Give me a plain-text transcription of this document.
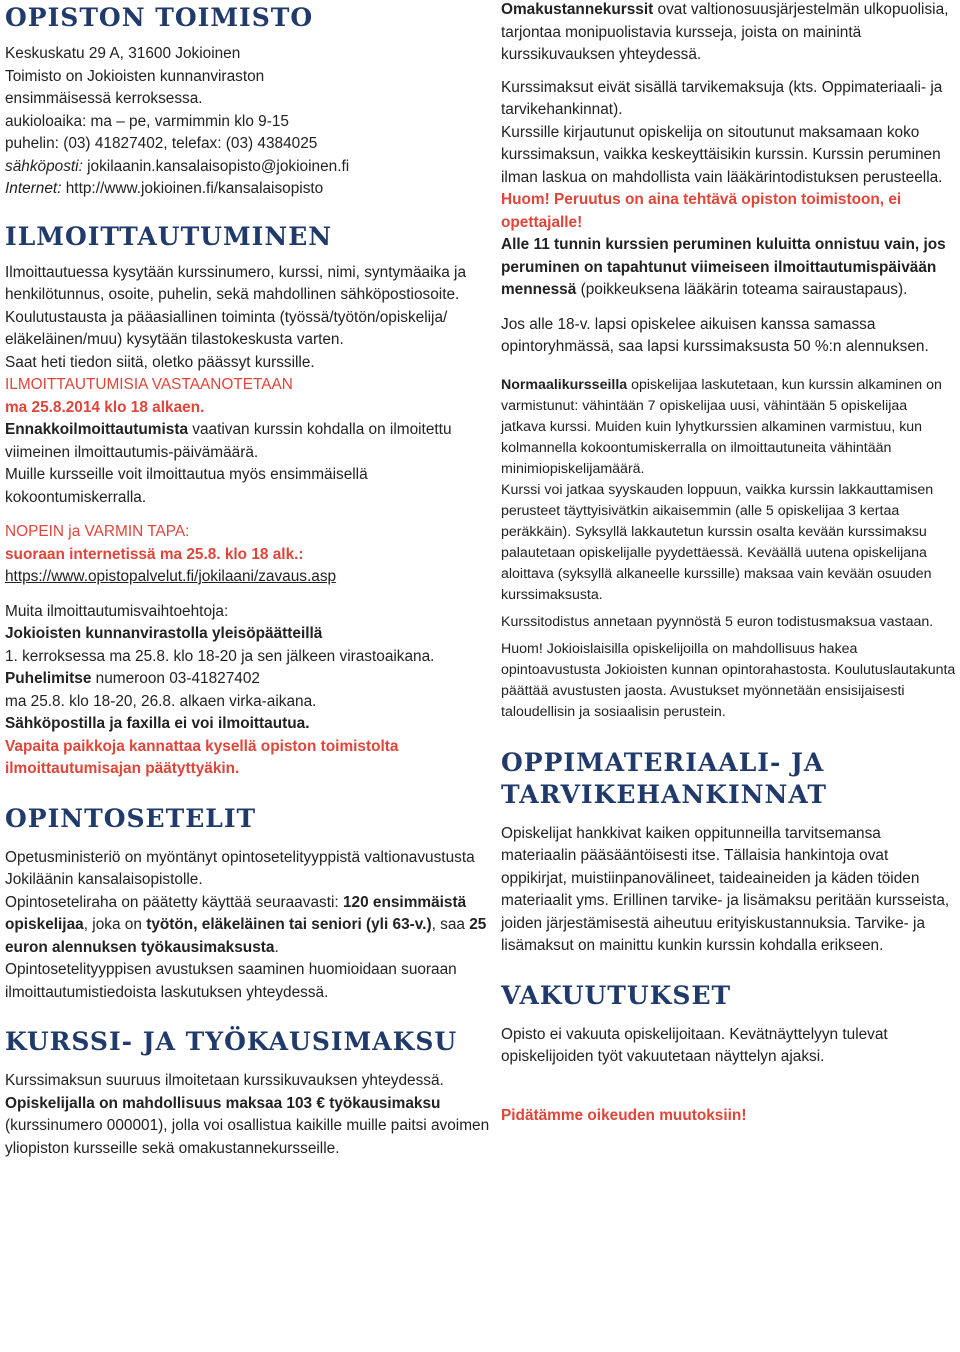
OPISTON TOIMISTO
Keskuskatu 29 A, 31600 Jokioinen
Toimisto on Jokioisten kunnanviraston
ensimmäisessä kerroksessa.
aukioloaika: ma – pe, varmimmin klo 9-15
puhelin: (03) 41827402, telefax: (03) 4384025
sähköposti: jokilaanin.kansalaisopisto@jokioinen.fi
Internet: http://www.jokioinen.fi/kansalaisopisto
ILMOITTAUTUMINEN

Ilmoittautuessa kysytään kurssinumero, kurssi, nimi, syntymäaika ja henkilötunnus, osoite, puhelin, sekä mahdollinen sähköpostiosoite. Koulutustausta ja pääasiallinen toiminta (työssä/työtön/opiskelija/ eläkeläinen/muu) kysytään tilastokeskusta varten.

Saat heti tiedon siitä, oletko päässyt kurssille.

ILMOITTAUTUMISIA VASTAANOTETAAN
ma 25.8.2014 klo 18 alkaen.

Ennakkoilmoittautumista vaativan kurssin kohdalla on ilmoitettu viimeinen ilmoittautumis-päivämäärä.

Muille kursseille voit ilmoittautua myös ensimmäisellä kokoontumiskerralla.

NOPEIN ja VARMIN TAPA:
suoraan internetissä ma 25.8. klo 18 alk.:

https://www.opistopalvelut.fi/jokilaani/zavaus.asp

Muita ilmoittautumisvaihtoehtoja:

Jokioisten kunnanvirastolla yleisöpäätteillä

1. kerroksessa ma 25.8. klo 18-20 ja sen jälkeen virastoaikana.

Puhelimitse numeroon 03-41827402

ma 25.8. klo 18-20, 26.8. alkaen virka-aikana.

Sähköpostilla ja faxilla ei voi ilmoittautua.

Vapaita paikkoja kannattaa kysellä opiston toimistolta ilmoittautumisajan päätyttyäkin.

OPINTOSETELIT

Opetusministeriö on myöntänyt opintosetelityyppistä valtionavustusta Jokiläänin kansalaisopistolle.

Opintoseteliraha on päätetty käyttää seuraavasti: 120 ensimmäistä opiskelijaa, joka on työtön, eläkeläinen tai seniori (yli 63-v.), saa 25 euron alennuksen työkausimaksusta.

Opintosetelityyppisen avustuksen saaminen huomioidaan suoraan ilmoittautumistiedoista laskutuksen yhteydessä.

KURSSI- JA TYÖKAUSIMAKSU

Kurssimaksun suuruus ilmoitetaan kurssikuvauksen yhteydessä. Opiskelijalla on mahdollisuus maksaa 103 € työkausimaksu (kurssinumero 000001), jolla voi osallistua kaikille muille paitsi avoimen yliopiston kursseille sekä omakustannekursseille.

Omakustannekurssit ovat valtionosuusjärjestelmän ulkopuolisia, tarjontaa monipuolistavia kursseja, joista on mainintä kurssikuvauksen yhteydessä.

Kurssimaksut eivät sisällä tarvikemaksuja (kts. Oppimateriaali- ja tarvikehankinnat).

Kurssille kirjautunut opiskelija on sitoutunut maksamaan koko kurssimaksun, vaikka keskeyttäisikin kurssin. Kurssin peruminen ilman laskua on mahdollista vain lääkärintodistuksen perusteella.

Huom! Peruutus on aina tehtävä opiston toimistoon, ei opettajalle!

Alle 11 tunnin kurssien peruminen kuluitta onnistuu vain, jos peruminen on tapahtunut viimeiseen ilmoittautumispäivään mennessä (poikkeuksena lääkärin toteama sairaustapaus).

Jos alle 18-v. lapsi opiskelee aikuisen kanssa samassa opintoryhmässä, saa lapsi kurssimaksusta 50 %:n alennuksen.

Normaalikursseilla opiskelijaa laskutetaan, kun kurssin alkaminen on varmistunut: vähintään 7 opiskelijaa uusi, vähintään 5 opiskelijaa jatkava kurssi. Muiden kuin lyhytkurssien alkaminen varmistuu, kun kolmannella kokoontumiskerralla on ilmoittautuneita vähintään minimiopiskelijamäärä.

Kurssi voi jatkaa syyskauden loppuun, vaikka kurssin lakkauttamisen perusteet täyttyisivätkin aikaisemmin (alle 5 opiskelijaa 3 kertaa peräkkäin). Syksyllä lakkautetun kurssin osalta kevään kurssimaksu palautetaan opiskelijalle pyydettäessä. Keväällä uutena opiskelijana aloittava (syksyllä alkaneelle kurssille) maksaa vain kevään osuuden kurssimaksusta.

Kurssitodistus annetaan pyynnöstä 5 euron todistusmaksua vastaan.

Huom! Jokioislaisilla opiskelijoilla on mahdollisuus hakea opintoavustusta Jokioisten kunnan opintorahastosta. Koulutuslautakunta päättää avustusten jaosta. Avustukset myönnetään ensisijaisesti taloudellisin ja sosiaalisin perustein.

OPPIMATERIAALI- JA TARVIKEHANKINNAT

Opiskelijat hankkivat kaiken oppitunneilla tarvitsemansa materiaalin pääsääntöisesti itse. Tällaisia hankintoja ovat oppikirjat, muistiinpanovälineet, taideaineiden ja käden töiden materiaalit yms. Erillinen tarvike- ja lisämaksu peritään kursseista, joiden järjestämisestä aiheutuu erityiskustannuksia. Tarvike- ja lisämaksut on mainittu kunkin kurssin kohdalla erikseen.

VAKUUTUKSET

Opisto ei vakuuta opiskelijoitaan. Kevätnäyttelyyn tulevat opiskelijoiden työt vakuutetaan näyttelyn ajaksi.

Pidätämme oikeuden muutoksiin!
